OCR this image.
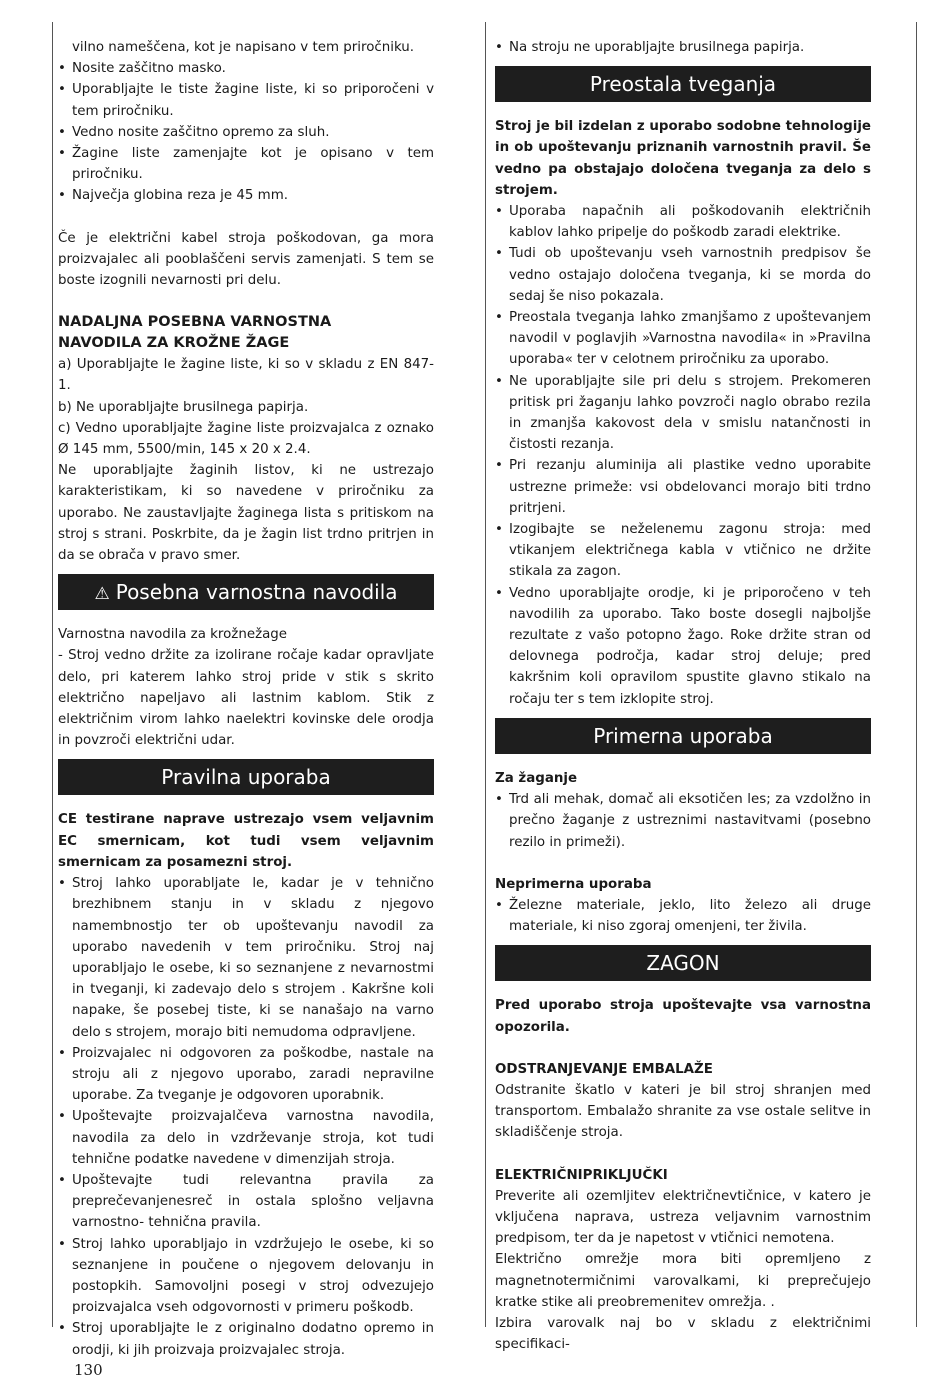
vilno nameščena, kot je napisano v tem priročniku.
• Nosite zaščitno masko.
• Uporabljajte le tiste žagine liste, ki so priporočeni v tem priročniku.
• Vedno nosite zaščitno opremo za sluh.
• Žagine liste zamenjajte kot je opisano v tem priročniku.
• Največja globina reza je 45 mm.

Če je električni kabel stroja poškodovan, ga mora proizvajalec ali pooblaščeni servis zamenjati. S tem se boste izognili nevarnosti pri delu.

NADALJNA POSEBNA VARNOSTNA
NAVODILA ZA KROŽNE ŽAGE

a) Uporabljajte le žagine liste, ki so v skladu z EN 847-1.

b) Ne uporabljajte brusilnega papirja.

c) Vedno uporabljajte žagine liste proizvajalca z oznako Ø 145 mm, 5500/min, 145 x 20 x 2.4.

Ne uporabljajte žaginih listov, ki ne ustrezajo karakteristikam, ki so navedene v priročniku za uporabo. Ne zaustavljajte žaginega lista s pritiskom na stroj s strani. Poskrbite, da je žagin list trdno pritrjen in da se obrača v pravo smer.

⚠ Posebna varnostna navodila

Varnostna navodila za krožnežage

- Stroj vedno držite za izolirane ročaje kadar opravljate delo, pri katerem lahko stroj pride v stik s skrito električno napeljavo ali lastnim kablom. Stik z električnim virom lahko naelektri kovinske dele orodja in povzroči električni udar.

Pravilna uporaba

CE testirane naprave ustrezajo vsem veljavnim EC smernicam, kot tudi vsem veljavnim smernicam za posamezni stroj.

• Stroj lahko uporabljate le, kadar je v tehnično brezhibnem stanju in v skladu z njegovo namembnostjo ter ob upoštevanju navodil za uporabo navedenih v tem priročniku. Stroj naj uporabljajo le osebe, ki so seznanjene z nevarnostmi in tveganji, ki zadevajo delo s strojem . Kakršne koli napake, še posebej tiste, ki se nanašajo na varno delo s strojem, morajo biti nemudoma odpravljene.
• Proizvajalec ni odgovoren za poškodbe, nastale na stroju ali z njegovo uporabo, zaradi nepravilne uporabe. Za tveganje je odgovoren uporabnik.
• Upoštevajte proizvajalčeva varnostna navodila, navodila za delo in vzdrževanje stroja, kot tudi tehnične podatke navedene v dimenzijah stroja.
• Upoštevajte tudi relevantna pravila za preprečevanjenesreč in ostala splošno veljavna varnostno- tehnična pravila.
• Stroj lahko uporabljajo in vzdržujejo le osebe, ki so seznanjene in poučene o njegovem delovanju in postopkih. Samovoljni posegi v stroj odvezujejo proizvajalca vseh odgovornosti v primeru poškodb.
• Stroj uporabljajte le z originalno dodatno opremo in orodji, ki jih proizvaja proizvajalec stroja.
• Na stroju ne uporabljajte brusilnega papirja.
Preostala tveganja

Stroj je bil izdelan z uporabo sodobne tehnologije in ob upoštevanju priznanih varnostnih pravil. Še vedno pa obstajajo določena tveganja za delo s strojem.

• Uporaba napačnih ali poškodovanih električnih kablov lahko pripelje do poškodb zaradi elektrike.
• Tudi ob upoštevanju vseh varnostnih predpisov še vedno ostajajo določena tveganja, ki se morda do sedaj še niso pokazala.
• Preostala tveganja lahko zmanjšamo z upoštevanjem navodil v poglavjih »Varnostna navodila« in »Pravilna uporaba« ter v celotnem priročniku za uporabo.
• Ne uporabljajte sile pri delu s strojem. Prekomeren pritisk pri žaganju lahko povzroči naglo obrabo rezila in zmanjša kakovost dela v smislu natančnosti in čistosti rezanja.
• Pri rezanju aluminija ali plastike vedno uporabite ustrezne primeže: vsi obdelovanci morajo biti trdno pritrjeni.
• Izogibajte se neželenemu zagonu stroja: med vtikanjem električnega kabla v vtičnico ne držite stikala za zagon.
• Vedno uporabljajte orodje, ki je priporočeno v teh navodilih za uporabo. Tako boste dosegli najboljše rezultate z vašo potopno žago. Roke držite stran od delovnega področja, kadar stroj deluje; pred kakršnim koli opravilom spustite glavno stikalo na ročaju ter s tem izklopite stroj.
Primerna uporaba

Za žaganje

• Trd ali mehak, domač ali eksotičen les; za vzdolžno in prečno žaganje z ustreznimi nastavitvami (posebno rezilo in primeži).

Neprimerna uporaba

• Železne materiale, jeklo, lito železo ali druge materiale, ki niso zgoraj omenjeni, ter živila.
ZAGON

Pred uporabo stroja upoštevajte vsa varnostna opozorila.

ODSTRANJEVANJE EMBALAŽE

Odstranite škatlo v kateri je bil stroj shranjen med transportom. Embalažo shranite za vse ostale selitve in skladiščenje stroja.

ELEKTRIČNIPRIKLJUČKI

Preverite ali ozemljitev električnevtičnice, v katero je vključena naprava, ustreza veljavnim varnostnim predpisom, ter da je napetost v vtičnici nemotena.

Električno omrežje mora biti opremljeno z magnetnotermičnimi varovalkami, ki preprečujejo kratke stike ali preobremenitev omrežja. .

Izbira varovalk naj bo v skladu z električnimi specifikaci-

130
